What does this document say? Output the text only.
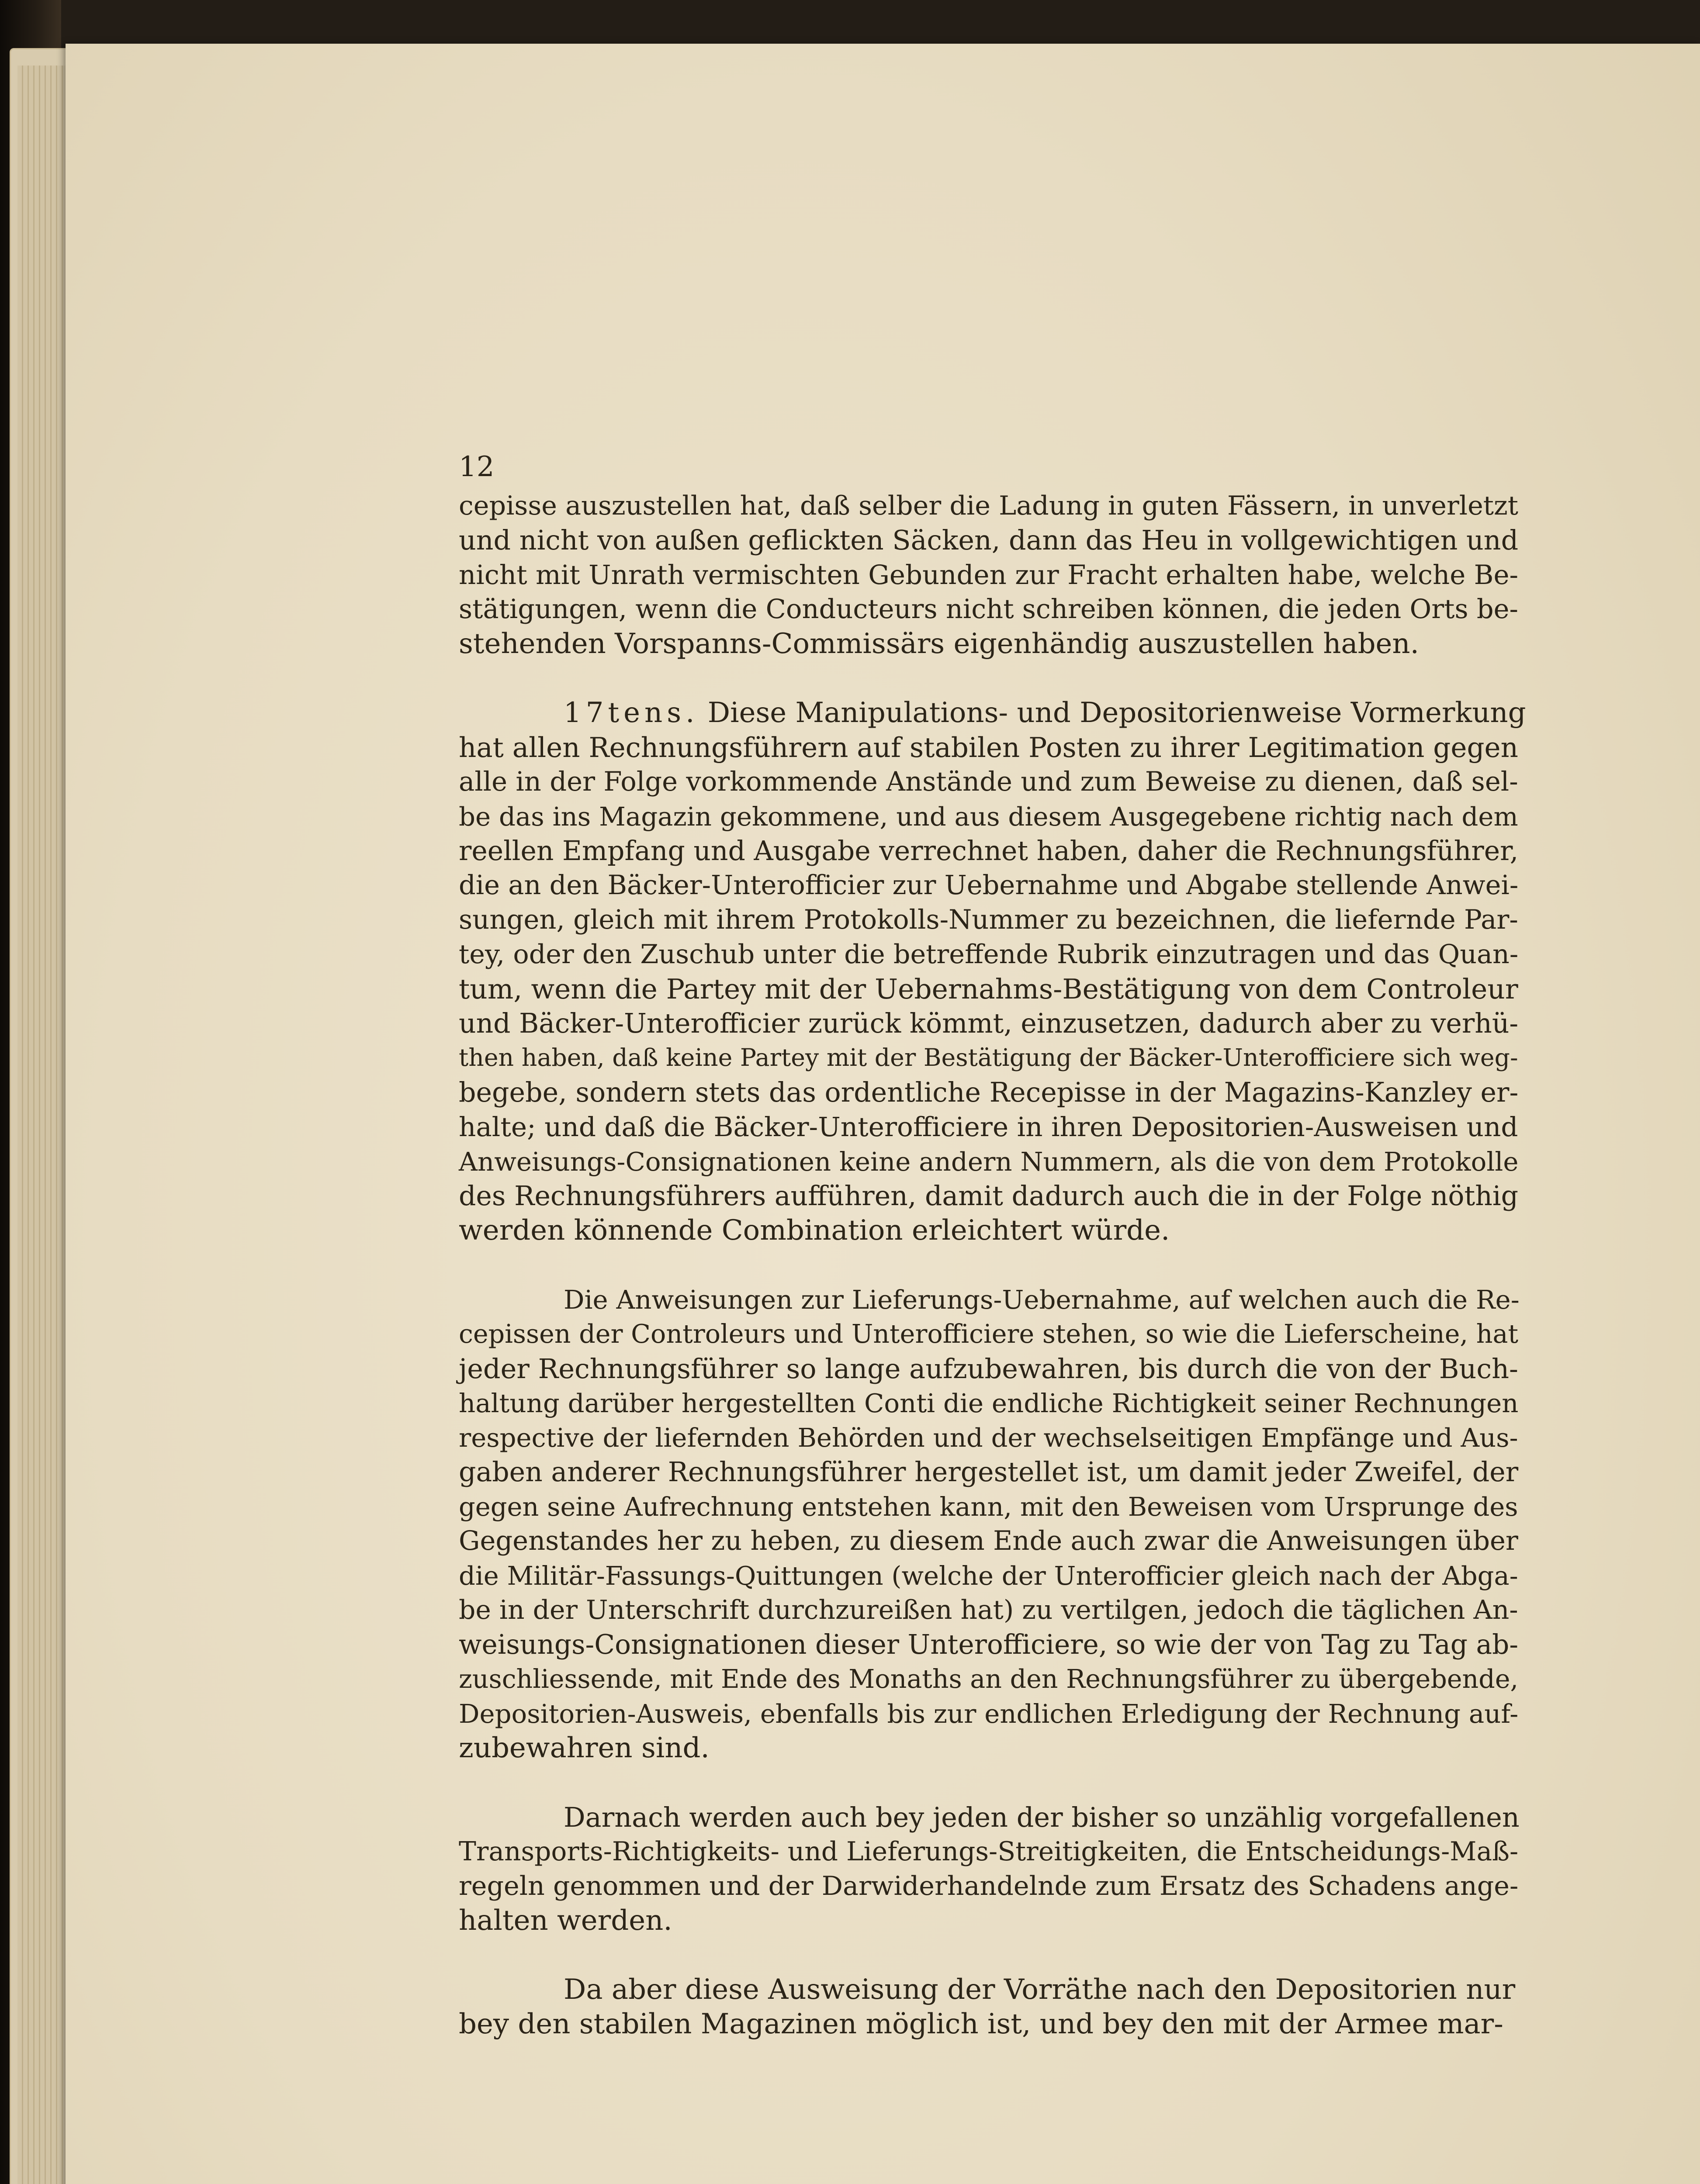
12

cepisse auszustellen hat, daß selber die Ladung in guten Fässern, in unverletzt
und nicht von außen geflickten Säcken, dann das Heu in vollgewichtigen und
nicht mit Unrath vermischten Gebunden zur Fracht erhalten habe, welche Be-
stätigungen, wenn die Conducteurs nicht schreiben können, die jeden Orts be-
stehenden Vorspanns-Commissärs eigenhändig auszustellen haben.

17tens. Diese Manipulations- und Depositorienweise Vormerkung
hat allen Rechnungsführern auf stabilen Posten zu ihrer Legitimation gegen
alle in der Folge vorkommende Anstände und zum Beweise zu dienen, daß sel-
be das ins Magazin gekommene, und aus diesem Ausgegebene richtig nach dem
reellen Empfang und Ausgabe verrechnet haben, daher die Rechnungsführer,
die an den Bäcker-Unterofficier zur Uebernahme und Abgabe stellende Anwei-
sungen, gleich mit ihrem Protokolls-Nummer zu bezeichnen, die liefernde Par-
tey, oder den Zuschub unter die betreffende Rubrik einzutragen und das Quan-
tum, wenn die Partey mit der Uebernahms-Bestätigung von dem Controleur
und Bäcker-Unterofficier zurück kömmt, einzusetzen, dadurch aber zu verhü-
then haben, daß keine Partey mit der Bestätigung der Bäcker-Unterofficiere sich weg-
begebe, sondern stets das ordentliche Recepisse in der Magazins-Kanzley er-
halte; und daß die Bäcker-Unterofficiere in ihren Depositorien-Ausweisen und
Anweisungs-Consignationen keine andern Nummern, als die von dem Protokolle
des Rechnungsführers aufführen, damit dadurch auch die in der Folge nöthig
werden könnende Combination erleichtert würde.

Die Anweisungen zur Lieferungs-Uebernahme, auf welchen auch die Re-
cepissen der Controleurs und Unterofficiere stehen, so wie die Lieferscheine, hat
jeder Rechnungsführer so lange aufzubewahren, bis durch die von der Buch-
haltung darüber hergestellten Conti die endliche Richtigkeit seiner Rechnungen
respective der liefernden Behörden und der wechselseitigen Empfänge und Aus-
gaben anderer Rechnungsführer hergestellet ist, um damit jeder Zweifel, der
gegen seine Aufrechnung entstehen kann, mit den Beweisen vom Ursprunge des
Gegenstandes her zu heben, zu diesem Ende auch zwar die Anweisungen über
die Militär-Fassungs-Quittungen (welche der Unterofficier gleich nach der Abga-
be in der Unterschrift durchzureißen hat) zu vertilgen, jedoch die täglichen An-
weisungs-Consignationen dieser Unterofficiere, so wie der von Tag zu Tag ab-
zuschliessende, mit Ende des Monaths an den Rechnungsführer zu übergebende,
Depositorien-Ausweis, ebenfalls bis zur endlichen Erledigung der Rechnung auf-
zubewahren sind.

Darnach werden auch bey jeden der bisher so unzählig vorgefallenen
Transports-Richtigkeits- und Lieferungs-Streitigkeiten, die Entscheidungs-Maß-
regeln genommen und der Darwiderhandelnde zum Ersatz des Schadens ange-
halten werden.

Da aber diese Ausweisung der Vorräthe nach den Depositorien nur
bey den stabilen Magazinen möglich ist, und bey den mit der Armee mar-
